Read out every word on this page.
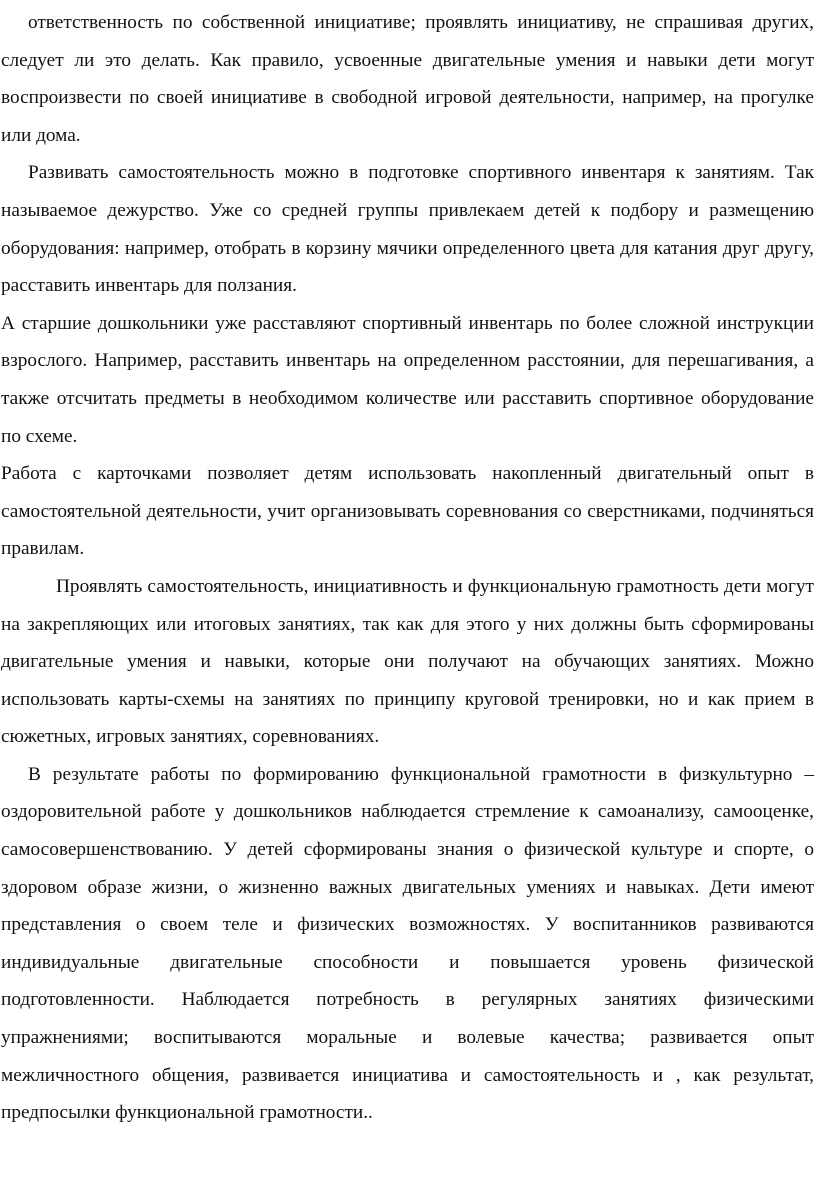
ответственность по собственной инициативе; проявлять инициативу, не спрашивая других, следует ли это делать. Как правило, усвоенные двигательные умения и навыки дети могут воспроизвести по своей инициативе в свободной игровой деятельности, например, на прогулке или дома.

Развивать самостоятельность можно в подготовке спортивного инвентаря к занятиям. Так называемое дежурство. Уже со средней группы привлекаем детей к подбору и размещению оборудования: например, отобрать в корзину мячики определенного цвета для катания друг другу, расставить инвентарь для ползания.

А старшие дошкольники уже расставляют спортивный инвентарь по более сложной инструкции взрослого. Например, расставить инвентарь на определенном расстоянии, для перешагивания, а также отсчитать предметы в необходимом количестве или расставить спортивное оборудование по схеме.

Работа с карточками позволяет детям использовать накопленный двигательный опыт в самостоятельной деятельности, учит организовывать соревнования со сверстниками, подчиняться правилам.

Проявлять самостоятельность, инициативность и функциональную грамотность дети могут на закрепляющих или итоговых занятиях, так как для этого у них должны быть сформированы двигательные умения и навыки, которые они получают на обучающих занятиях. Можно использовать карты-схемы на занятиях по принципу круговой тренировки, но и как прием в сюжетных, игровых занятиях, соревнованиях.

В результате работы по формированию функциональной грамотности в физкультурно – оздоровительной работе у дошкольников наблюдается стремление к самоанализу, самооценке, самосовершенствованию. У детей сформированы знания о физической культуре и спорте, о здоровом образе жизни, о жизненно важных двигательных умениях и навыках. Дети имеют представления о своем теле и физических возможностях. У воспитанников развиваются индивидуальные двигательные способности и повышается уровень физической подготовленности. Наблюдается потребность в регулярных занятиях физическими упражнениями; воспитываются моральные и волевые качества; развивается опыт межличностного общения, развивается инициатива и самостоятельность и , как результат, предпосылки функциональной грамотности..
